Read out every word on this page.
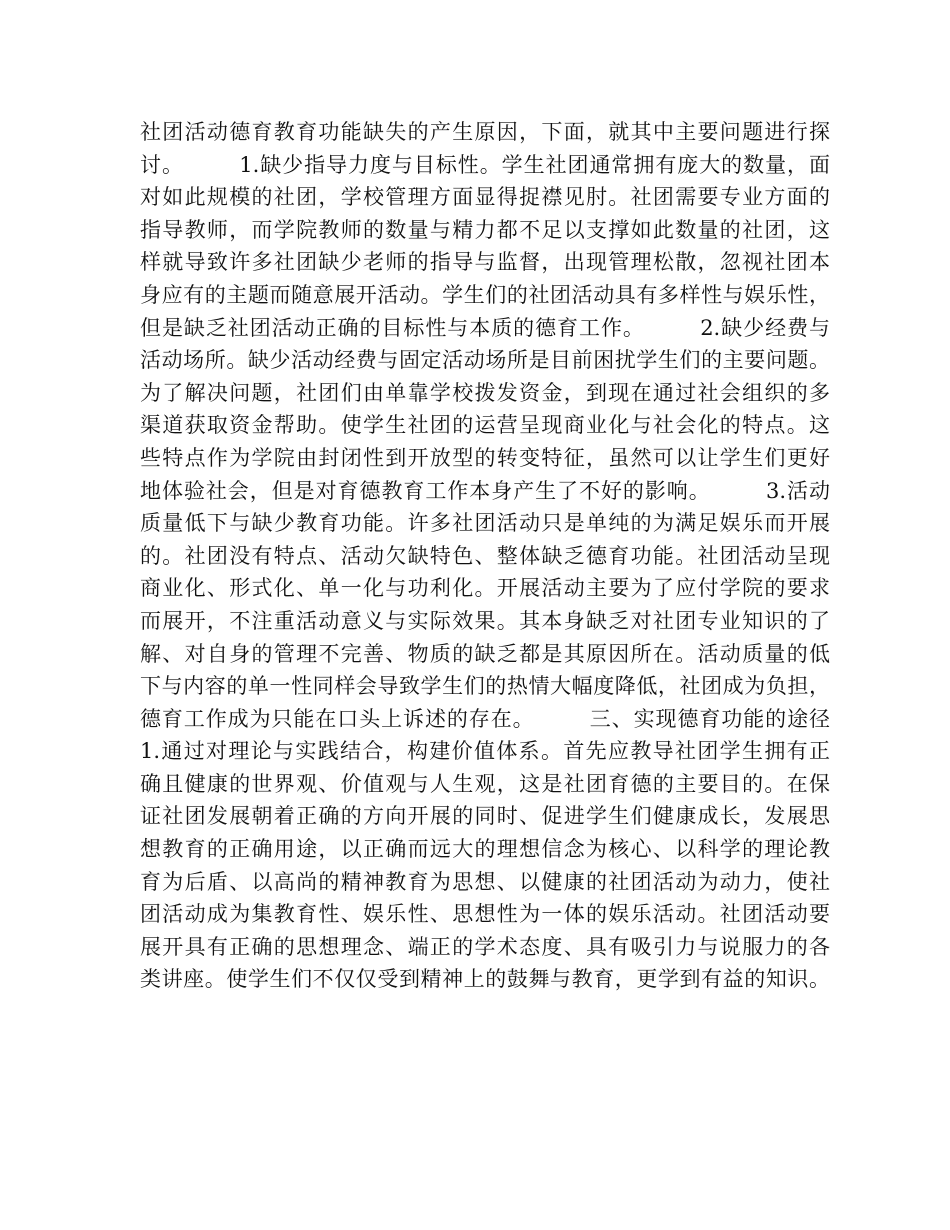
社团活动德育教育功能缺失的产生原因，下面，就其中主要问题进行探
讨。　　　1.缺少指导力度与目标性。学生社团通常拥有庞大的数量，面
对如此规模的社团，学校管理方面显得捉襟见肘。社团需要专业方面的
指导教师，而学院教师的数量与精力都不足以支撑如此数量的社团，这
样就导致许多社团缺少老师的指导与监督，出现管理松散，忽视社团本
身应有的主题而随意展开活动。学生们的社团活动具有多样性与娱乐性，
但是缺乏社团活动正确的目标性与本质的德育工作。　　　2.缺少经费与
活动场所。缺少活动经费与固定活动场所是目前困扰学生们的主要问题。
为了解决问题，社团们由单靠学校拨发资金，到现在通过社会组织的多
渠道获取资金帮助。使学生社团的运营呈现商业化与社会化的特点。这
些特点作为学院由封闭性到开放型的转变特征，虽然可以让学生们更好
地体验社会，但是对育德教育工作本身产生了不好的影响。　　　3.活动
质量低下与缺少教育功能。许多社团活动只是单纯的为满足娱乐而开展
的。社团没有特点、活动欠缺特色、整体缺乏德育功能。社团活动呈现
商业化、形式化、单一化与功利化。开展活动主要为了应付学院的要求
而展开，不注重活动意义与实际效果。其本身缺乏对社团专业知识的了
解、对自身的管理不完善、物质的缺乏都是其原因所在。活动质量的低
下与内容的单一性同样会导致学生们的热情大幅度降低，社团成为负担，
德育工作成为只能在口头上诉述的存在。　　　三、实现德育功能的途径
1.通过对理论与实践结合，构建价值体系。首先应教导社团学生拥有正
确且健康的世界观、价值观与人生观，这是社团育德的主要目的。在保
证社团发展朝着正确的方向开展的同时、促进学生们健康成长，发展思
想教育的正确用途，以正确而远大的理想信念为核心、以科学的理论教
育为后盾、以高尚的精神教育为思想、以健康的社团活动为动力，使社
团活动成为集教育性、娱乐性、思想性为一体的娱乐活动。社团活动要
展开具有正确的思想理念、端正的学术态度、具有吸引力与说服力的各
类讲座。使学生们不仅仅受到精神上的鼓舞与教育，更学到有益的知识。
